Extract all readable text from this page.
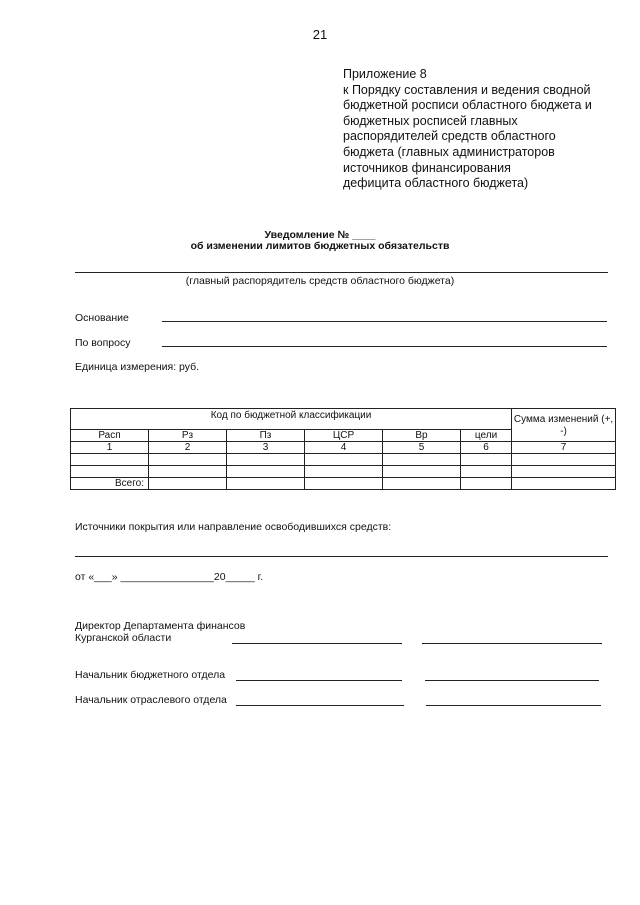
21
Приложение 8
к Порядку составления и ведения сводной
бюджетной росписи областного бюджета и
бюджетных росписей главных
распорядителей средств областного
бюджета (главных администраторов
источников финансирования
дефицита областного бюджета)
Уведомление № ____
об изменении лимитов бюджетных обязательств
(главный распорядитель средств областного бюджета)
Основание
По вопросу
Единица измерения: руб.
Код по бюджетной классификации						Сумма изменений (+, -)
Расп	Рз	Пз	ЦСР	Вр	цели	
1	2	3	4	5	6	7

Всего:						
Источники покрытия или направление освободившихся средств:
от «___» ________________20_____ г.
Директор Департамента финансов
Курганской области
Начальник бюджетного отдела
Начальник отраслевого отдела
